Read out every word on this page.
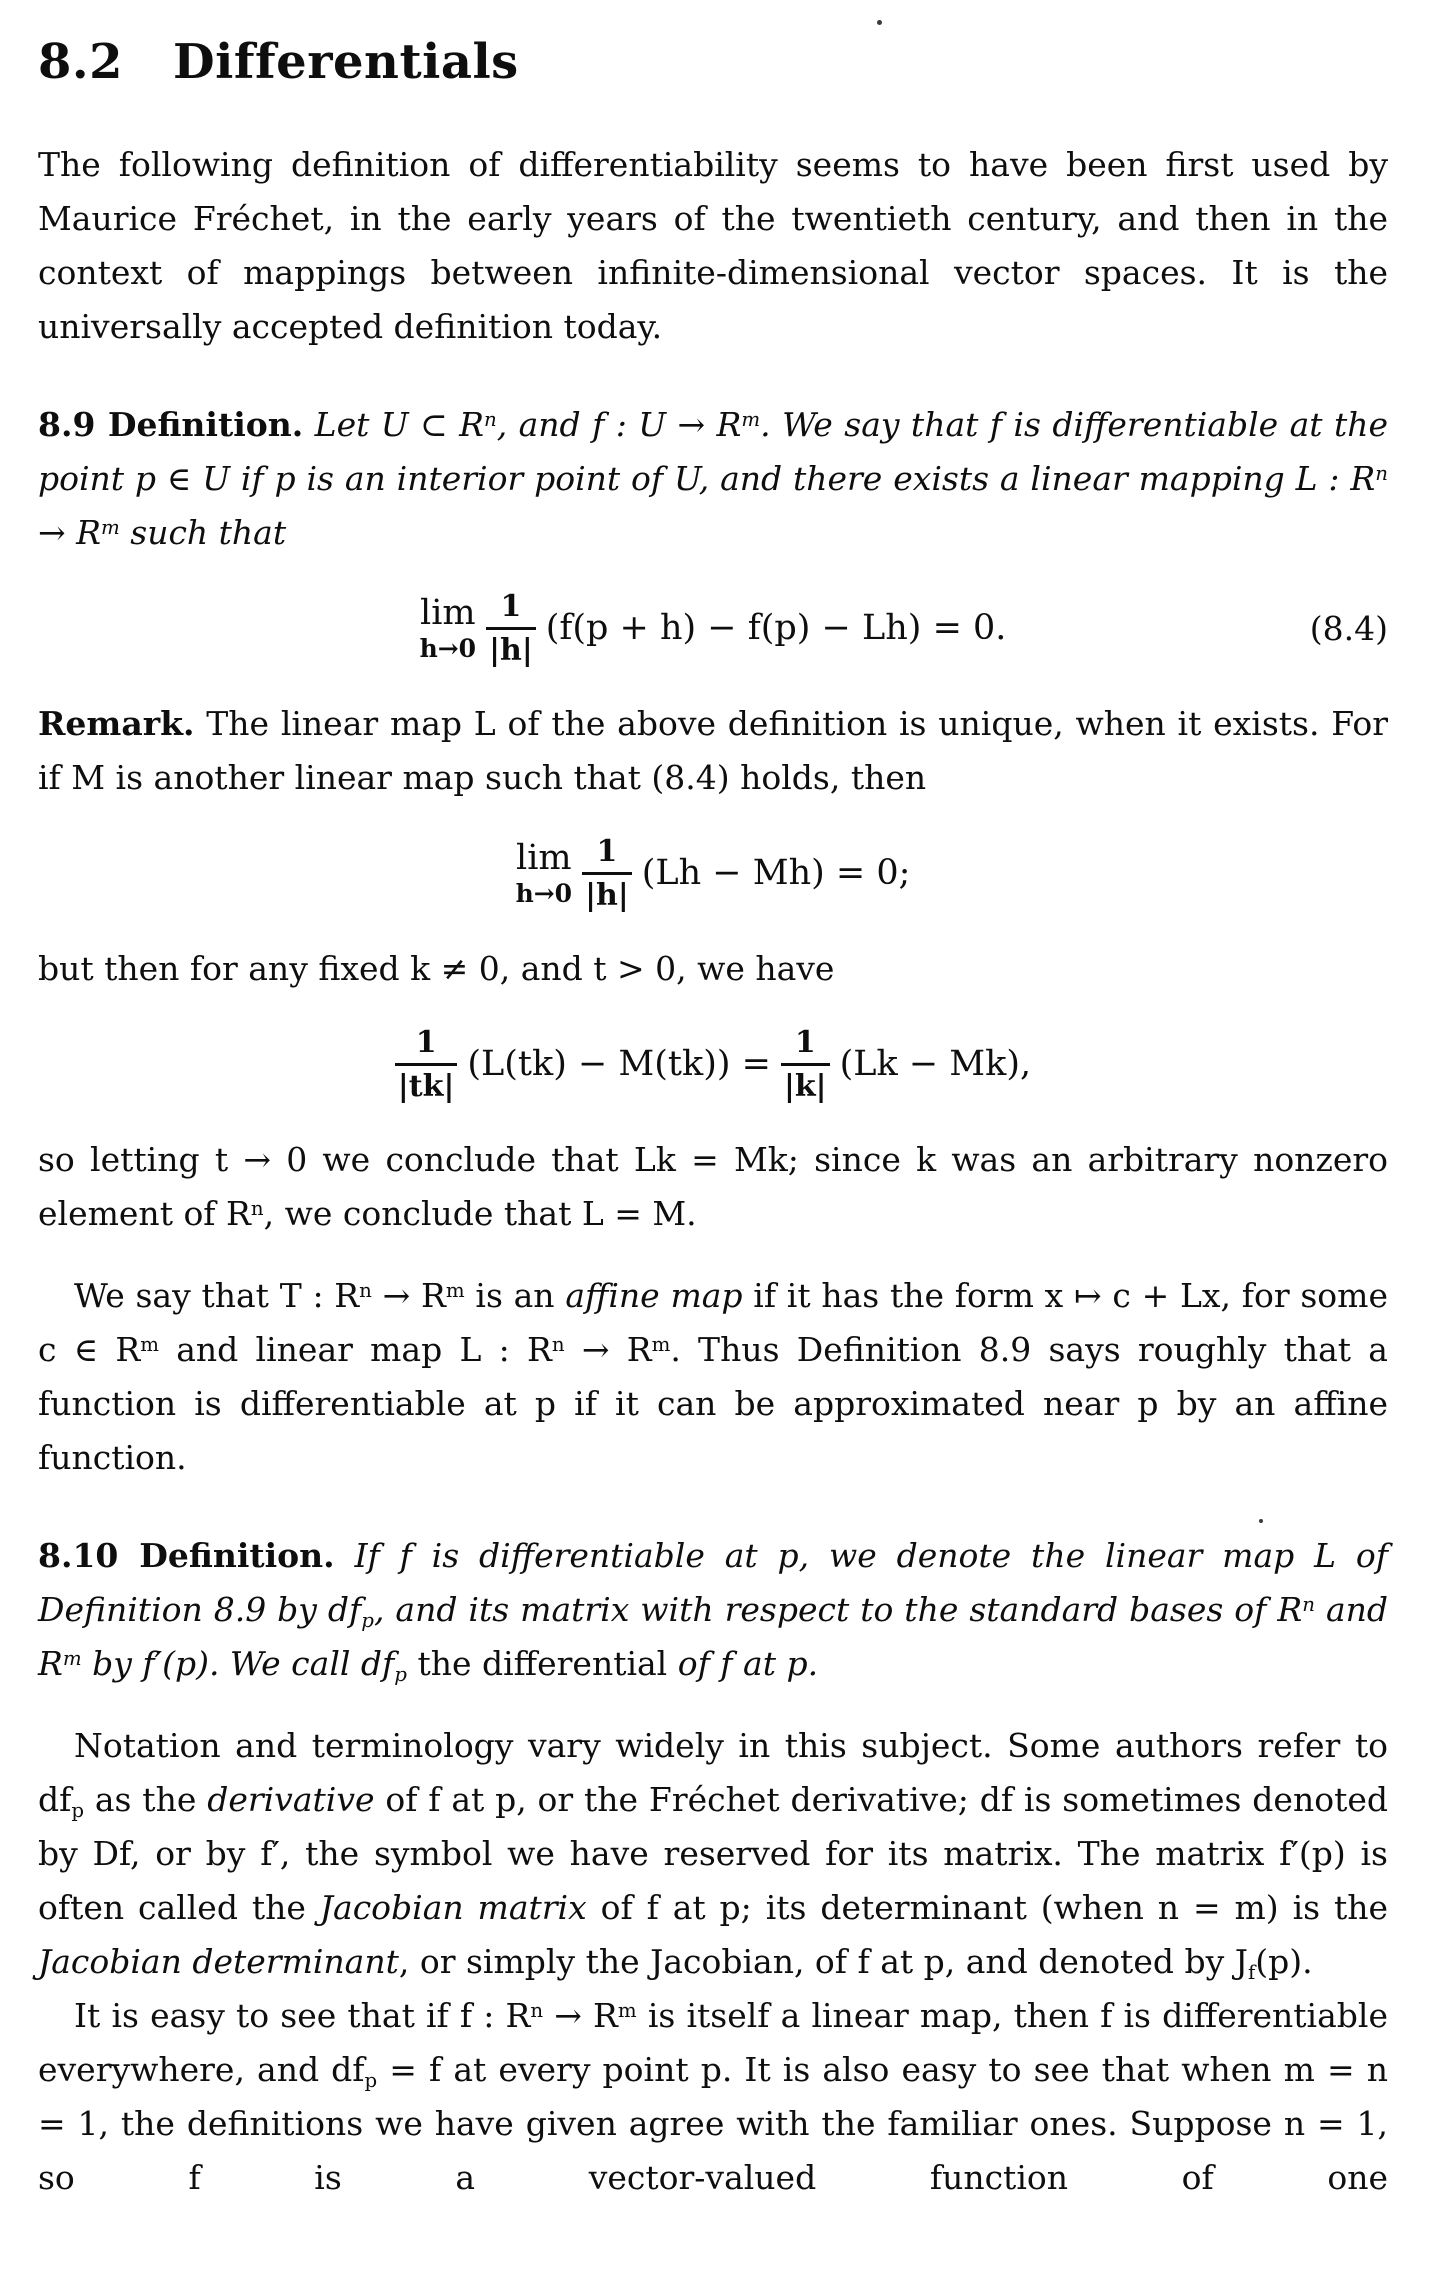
8.2 Differentials

The following definition of differentiability seems to have been first used by Maurice Fréchet, in the early years of the twentieth century, and then in the context of mappings between infinite-dimensional vector spaces. It is the universally accepted definition today.

8.9 Definition. Let U ⊂ $R^n$, and f : $U \to R^m$. We say that f is differentiable at the point p ∈ U if p is an interior point of U, and there exists a linear mapping L : $R^n \to R^m$ such that

lim
$h\to 0 \frac{1}{|h|} (f(p + h) - f(p) - Lh) = 0$.	(8.4)

Remark. The linear map L of the above definition is unique, when it exists. For if M is another linear map such that (8.4) holds, then

lim
$h\to 0 \frac{1}{|h|} (Lh - Mh) = 0$;

but then for any fixed k ≠ 0, and t > 0, we have

$\frac{1}{|tk|} (L(tk) - M(tk)) = \frac{1}{|k|} (Lk - Mk)$,

so letting t → 0 we conclude that Lk = Mk; since k was an arbitrary nonzero element of $R^n$, we conclude that L = M.

We say that T : $R^n \to R^m$ is an affine map if it has the form x ↦ c + Lx, for some c ∈ $R^m$ and linear map L : $R^n \to R^m$. Thus Definition 8.9 says roughly that a function is differentiable at p if it can be approximated near p by an affine function.

8.10 Definition. If f is differentiable at p, we denote the linear map L of Definition 8.9 by $df_p$, and its matrix with respect to the standard bases of $R^n$ and $R^m$ by f′(p). We call $df_p$ the differential of f at p.

Notation and terminology vary widely in this subject. Some authors refer to $df_p$ as the derivative of f at p, or the Fréchet derivative; df is sometimes denoted by Df, or by f′, the symbol we have reserved for its matrix. The matrix f′(p) is often called the Jacobian matrix of f at p; its determinant (when n = m) is the Jacobian determinant, or simply the Jacobian, of f at p, and denoted by $J_f(p)$.

It is easy to see that if f : $R^n \to R^m$ is itself a linear map, then f is differentiable everywhere, and $df_p = f$ at every point p. It is also easy to see that when m = n = 1, the definitions we have given agree with the familiar ones. Suppose n = 1, so f is a vector-valued function of one
